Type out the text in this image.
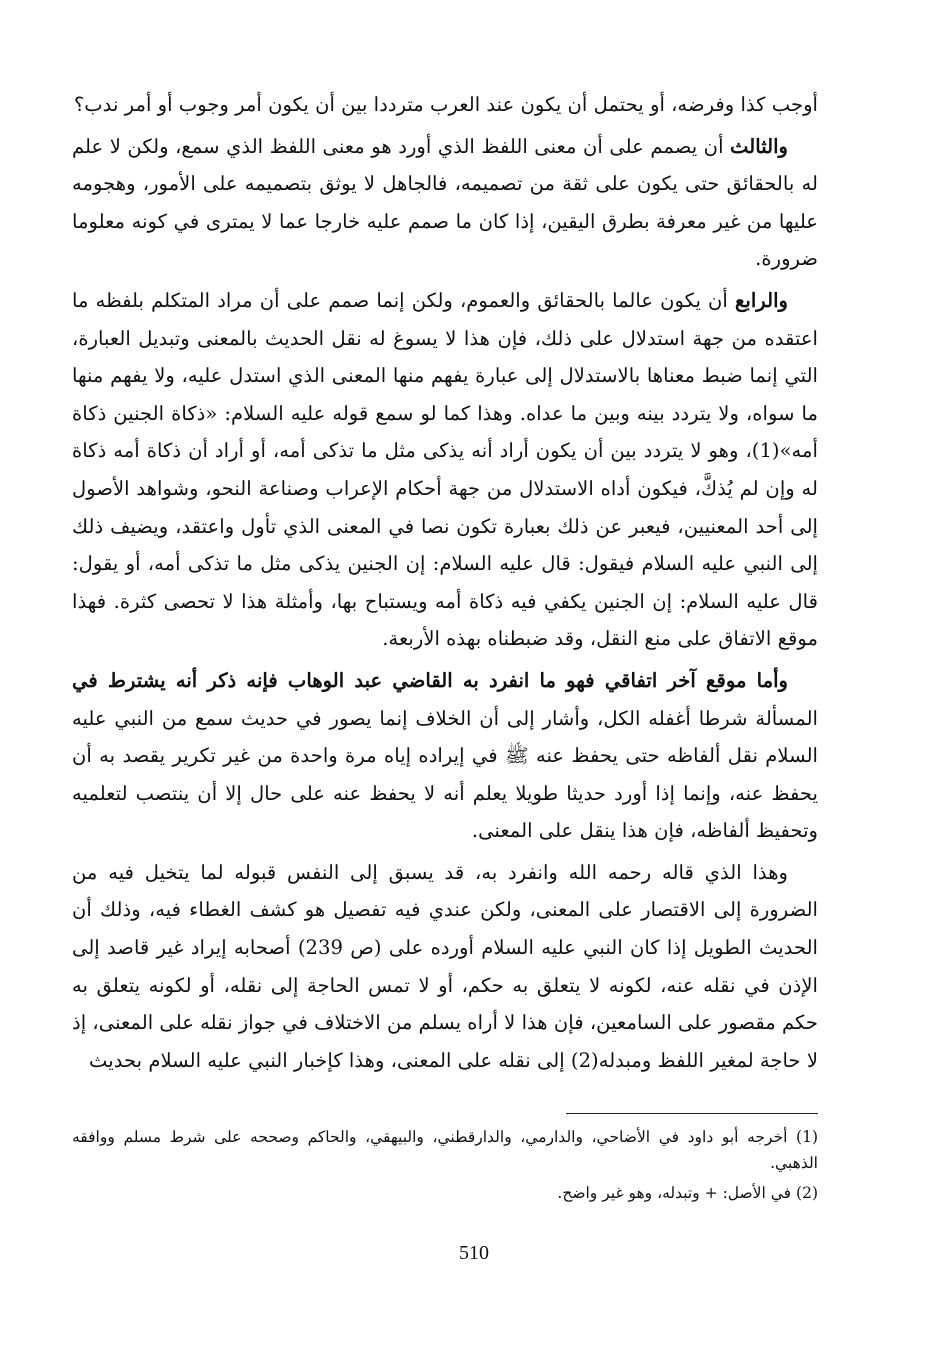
أوجب كذا وفرضه، أو يحتمل أن يكون عند العرب مترددا بين أن يكون أمر وجوب أو أمر ندب؟

والثالث أن يصمم على أن معنى اللفظ الذي أورد هو معنى اللفظ الذي سمع، ولكن لا علم له بالحقائق حتى يكون على ثقة من تصميمه، فالجاهل لا يوثق بتصميمه على الأمور، وهجومه عليها من غير معرفة بطرق اليقين، إذا كان ما صمم عليه خارجا عما لا يمترى في كونه معلوما ضرورة.

والرابع أن يكون عالما بالحقائق والعموم، ولكن إنما صمم على أن مراد المتكلم بلفظه ما اعتقده من جهة استدلال على ذلك، فإن هذا لا يسوغ له نقل الحديث بالمعنى وتبديل العبارة، التي إنما ضبط معناها بالاستدلال إلى عبارة يفهم منها المعنى الذي استدل عليه، ولا يفهم منها ما سواه، ولا يتردد بينه وبين ما عداه. وهذا كما لو سمع قوله عليه السلام: «ذكاة الجنين ذكاة أمه»(1)، وهو لا يتردد بين أن يكون أراد أنه يذكى مثل ما تذكى أمه، أو أراد أن ذكاة أمه ذكاة له وإن لم يُذكَّ، فيكون أداه الاستدلال من جهة أحكام الإعراب وصناعة النحو، وشواهد الأصول إلى أحد المعنيين، فيعبر عن ذلك بعبارة تكون نصا في المعنى الذي تأول واعتقد، ويضيف ذلك إلى النبي عليه السلام فيقول: قال عليه السلام: إن الجنين يذكى مثل ما تذكى أمه، أو يقول: قال عليه السلام: إن الجنين يكفي فيه ذكاة أمه ويستباح بها، وأمثلة هذا لا تحصى كثرة. فهذا موقع الاتفاق على منع النقل، وقد ضبطناه بهذه الأربعة.

وأما موقع آخر اتفاقي فهو ما انفرد به القاضي عبد الوهاب فإنه ذكر أنه يشترط في المسألة شرطا أغفله الكل، وأشار إلى أن الخلاف إنما يصور في حديث سمع من النبي عليه السلام نقل ألفاظه حتى يحفظ عنه ﷺ في إيراده إياه مرة واحدة من غير تكرير يقصد به أن يحفظ عنه، وإنما إذا أورد حديثا طويلا يعلم أنه لا يحفظ عنه على حال إلا أن ينتصب لتعلميه وتحفيظ ألفاظه، فإن هذا ينقل على المعنى.

وهذا الذي قاله رحمه الله وانفرد به، قد يسبق إلى النفس قبوله لما يتخيل فيه من الضرورة إلى الاقتصار على المعنى، ولكن عندي فيه تفصيل هو كشف الغطاء فيه، وذلك أن الحديث الطويل إذا كان النبي عليه السلام أورده على (ص 239) أصحابه إيراد غير قاصد إلى الإذن في نقله عنه، لكونه لا يتعلق به حكم، أو لا تمس الحاجة إلى نقله، أو لكونه يتعلق به حكم مقصور على السامعين، فإن هذا لا أراه يسلم من الاختلاف في جواز نقله على المعنى، إذ لا حاجة لمغير اللفظ ومبدله(2) إلى نقله على المعنى، وهذا كإخبار النبي عليه السلام بحديث

(1) أخرجه أبو داود في الأضاحي، والدارمي، والدارقطني، والبيهقي، والحاكم وصححه على شرط مسلم ووافقه الذهبي.

(2) في الأصل: + وتبدله، وهو غير واضح.

510
